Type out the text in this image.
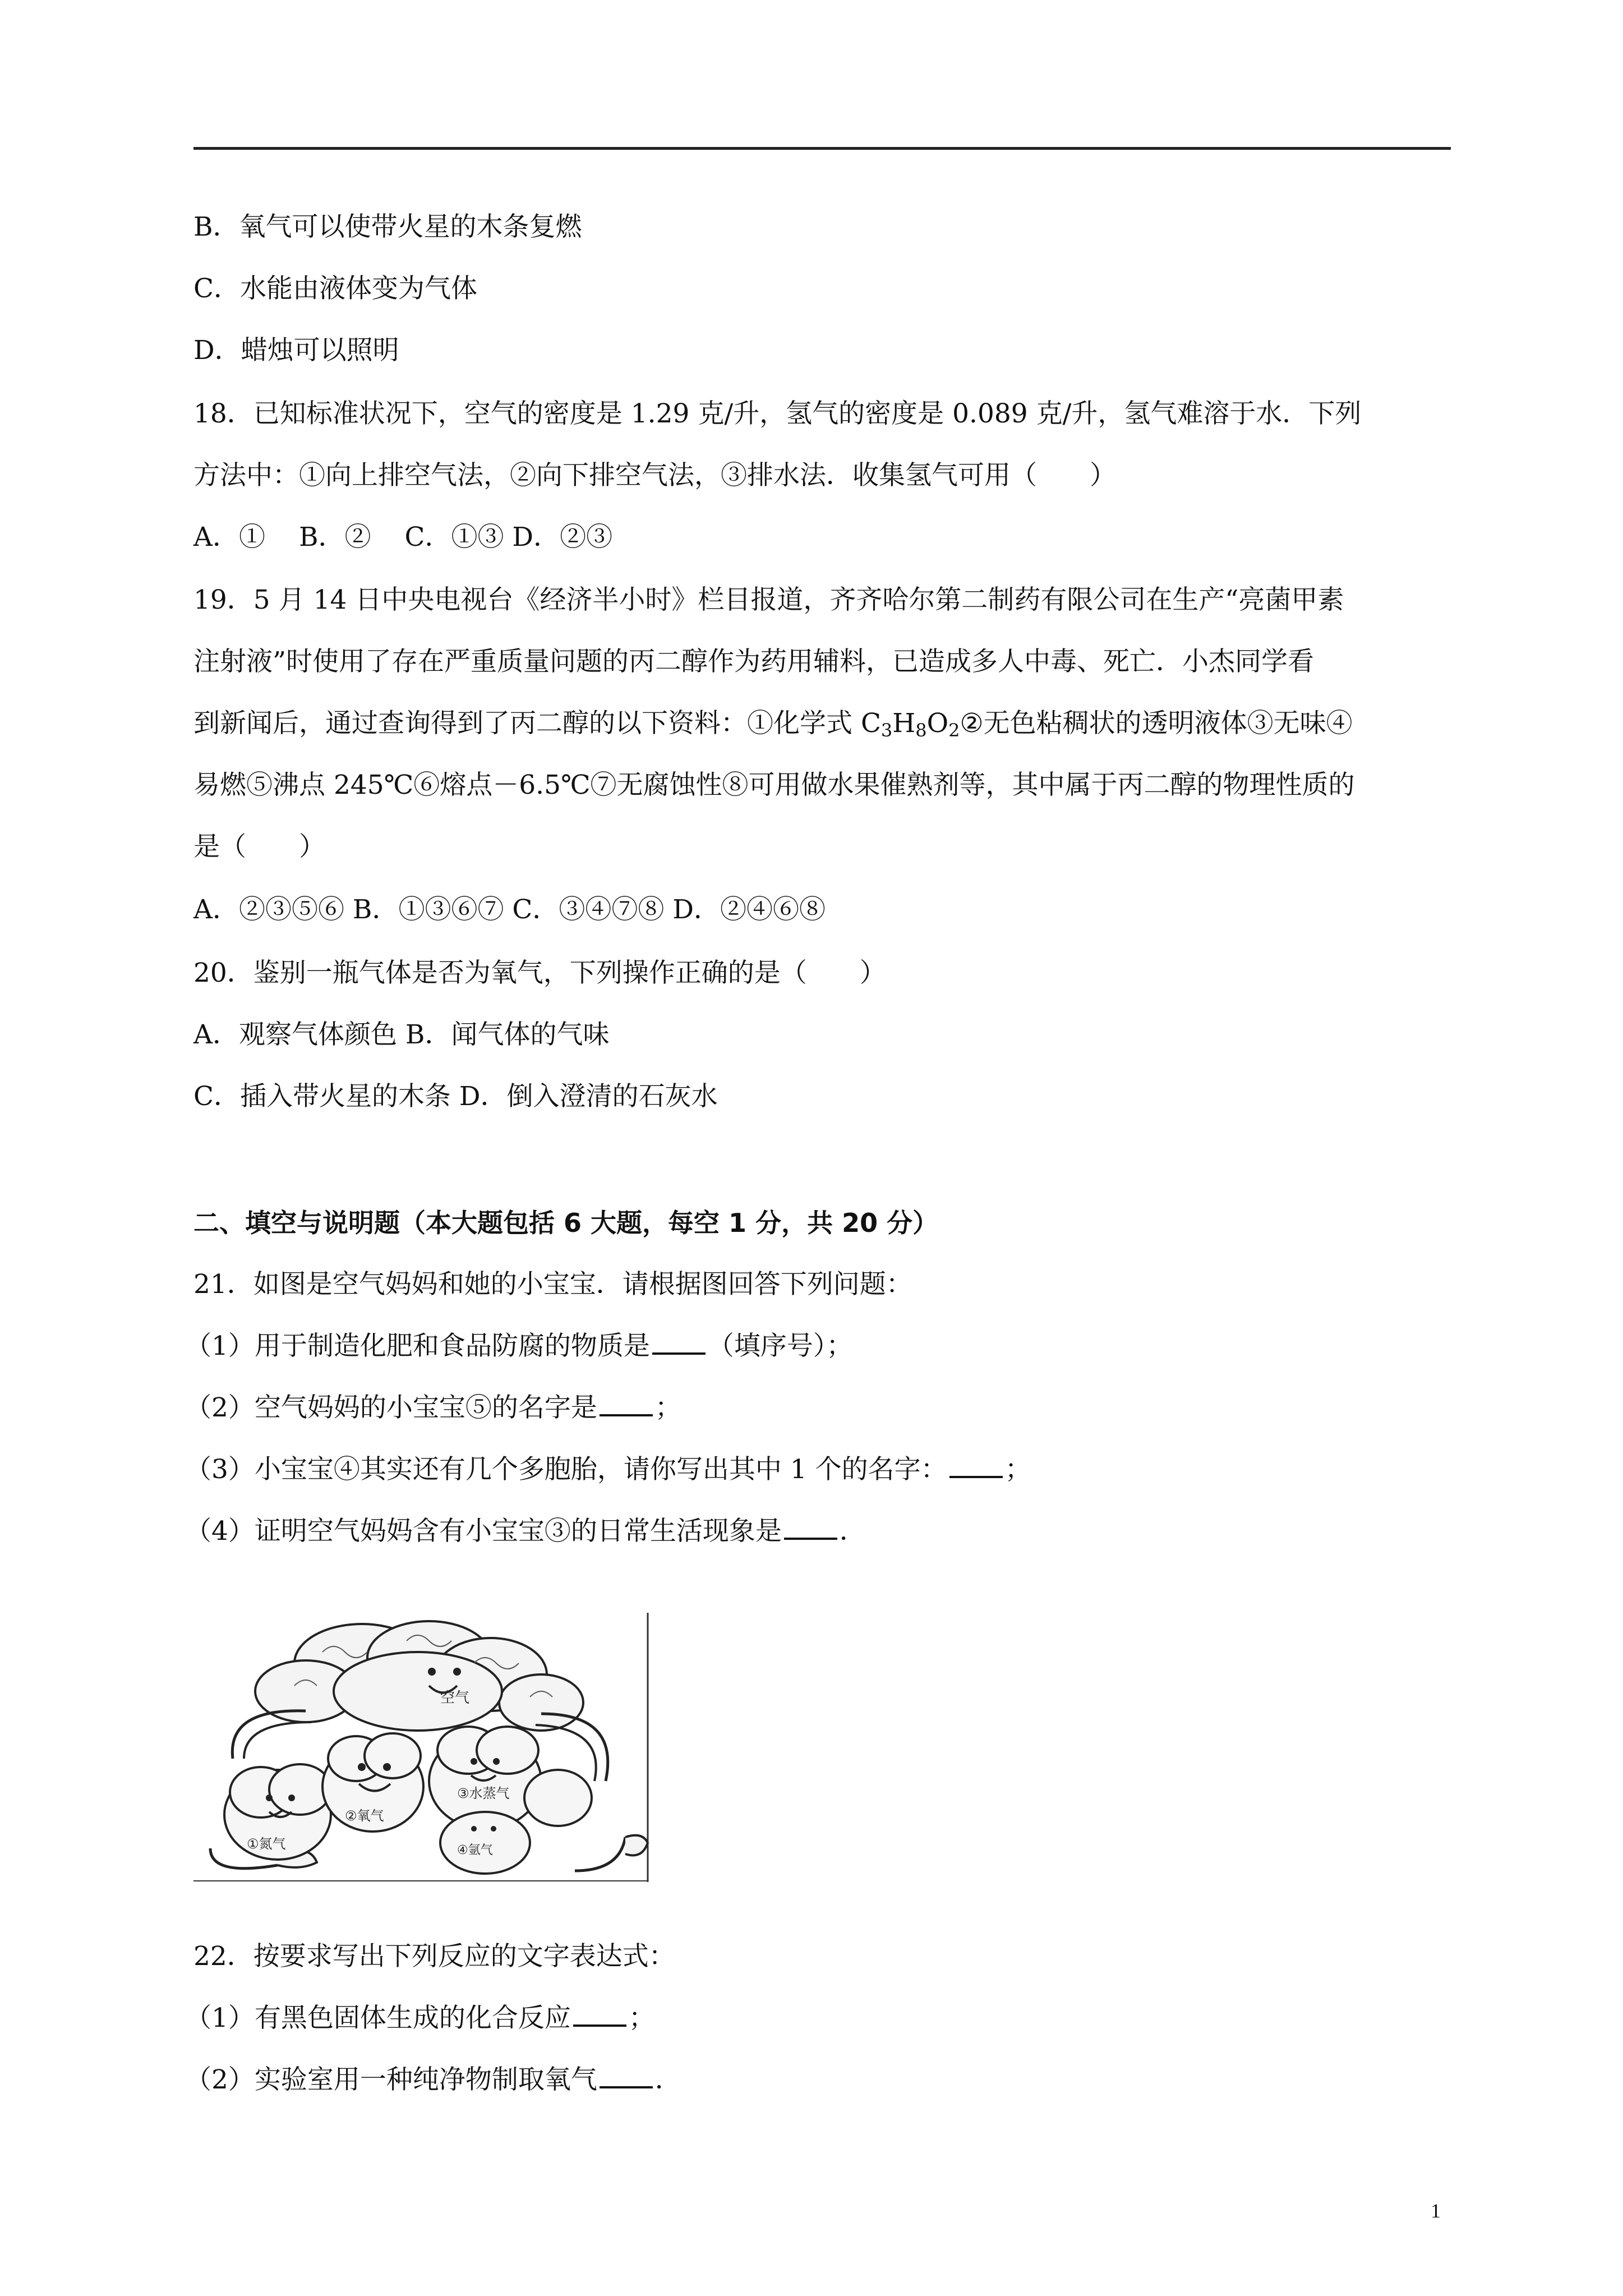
B．氧气可以使带火星的木条复燃
C．水能由液体变为气体
D．蜡烛可以照明
18．已知标准状况下，空气的密度是 1.29 克/升，氢气的密度是 0.089 克/升，氢气难溶于水．下列
方法中：①向上排空气法，②向下排空气法，③排水法．收集氢气可用（　　）
A．① B．② C．①③ D．②③
19．5 月 14 日中央电视台《经济半小时》栏目报道，齐齐哈尔第二制药有限公司在生产“亮菌甲素
注射液”时使用了存在严重质量问题的丙二醇作为药用辅料，已造成多人中毒、死亡．小杰同学看
到新闻后，通过查询得到了丙二醇的以下资料：①化学式 $C_3H_8O_2②$无色粘稠状的透明液体③无味④
易燃⑤沸点 245℃⑥熔点－6.5℃⑦无腐蚀性⑧可用做水果催熟剂等，其中属于丙二醇的物理性质的
是（　　）
A．②③⑤⑥ B．①③⑥⑦ C．③④⑦⑧ D．②④⑥⑧
20．鉴别一瓶气体是否为氧气，下列操作正确的是（　　）
A．观察气体颜色 B．闻气体的气味
C．插入带火星的木条 D．倒入澄清的石灰水
二、填空与说明题（本大题包括 6 大题，每空 1 分，共 20 分）
21．如图是空气妈妈和她的小宝宝．请根据图回答下列问题：
（1）用于制造化肥和食品防腐的物质是 （填序号）；
（2）空气妈妈的小宝宝⑤的名字是 ；
（3）小宝宝④其实还有几个多胞胎，请你写出其中 1 个的名字： ；
（4）证明空气妈妈含有小宝宝③的日常生活现象是 ．
空气
①氮气
②氧气
③水蒸气
④氩气
22．按要求写出下列反应的文字表达式：
（1）有黑色固体生成的化合反应 ；
（2）实验室用一种纯净物制取氧气 ．
1
